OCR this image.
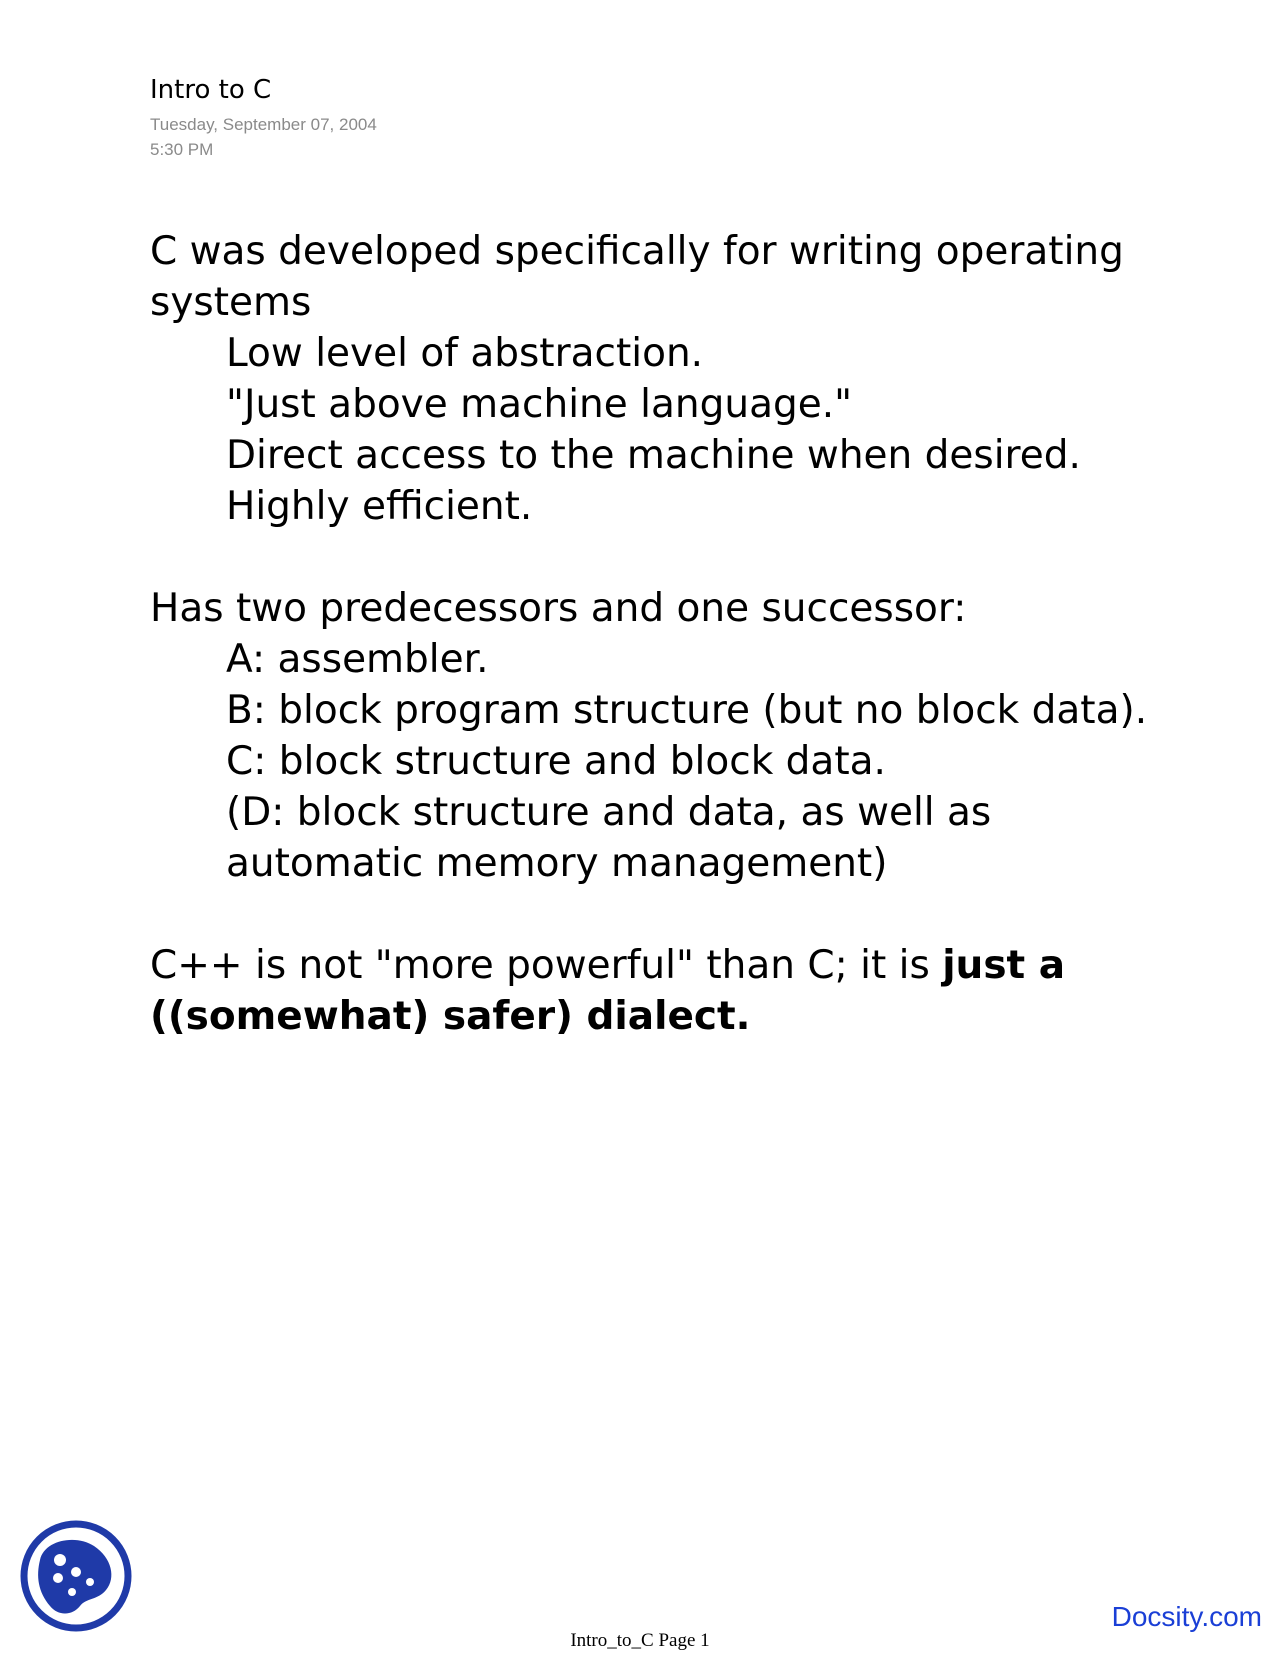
Intro to C
Tuesday, September 07, 2004
5:30 PM

C was developed specifically for writing operating

systems

Low level of abstraction.

"Just above machine language."

Direct access to the machine when desired.

Highly efficient.

Has two predecessors and one successor:

A: assembler.

B: block program structure (but no block data).

C: block structure and block data.

(D: block structure and data, as well as

automatic memory management)

C++ is not "more powerful" than C; it is just a

((somewhat) safer) dialect.

Docsity.com
Intro_to_C Page 1
